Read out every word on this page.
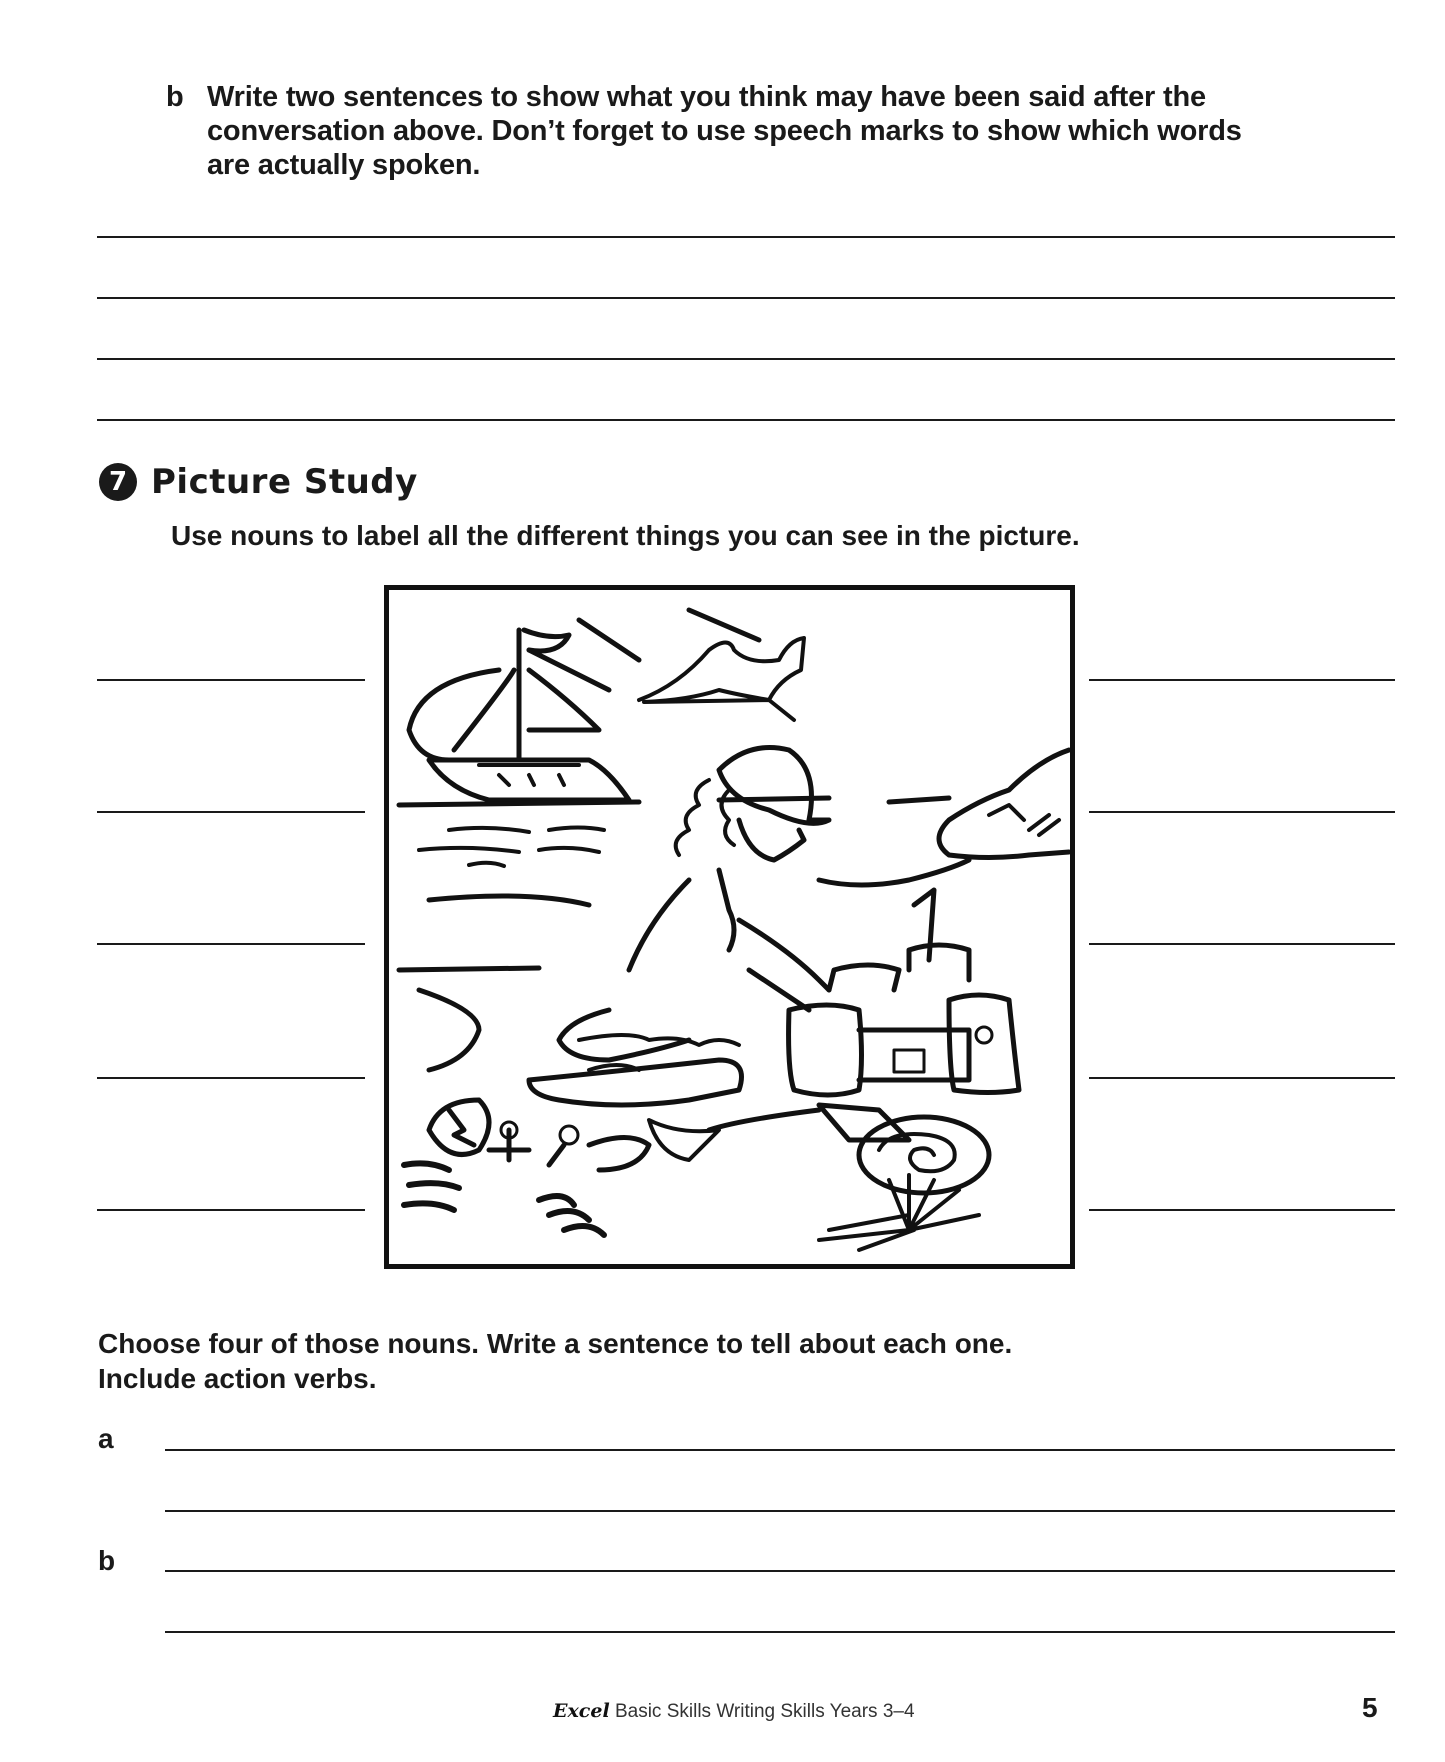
b Write two sentences to show what you think may have been said after the
conversation above. Don’t forget to use speech marks to show which words
are actually spoken.
7 Picture Study
Use nouns to label all the different things you can see in the picture.
Choose four of those nouns. Write a sentence to tell about each one.
Include action verbs.
a
b
Excel Basic Skills Writing Skills Years 3–4	5
